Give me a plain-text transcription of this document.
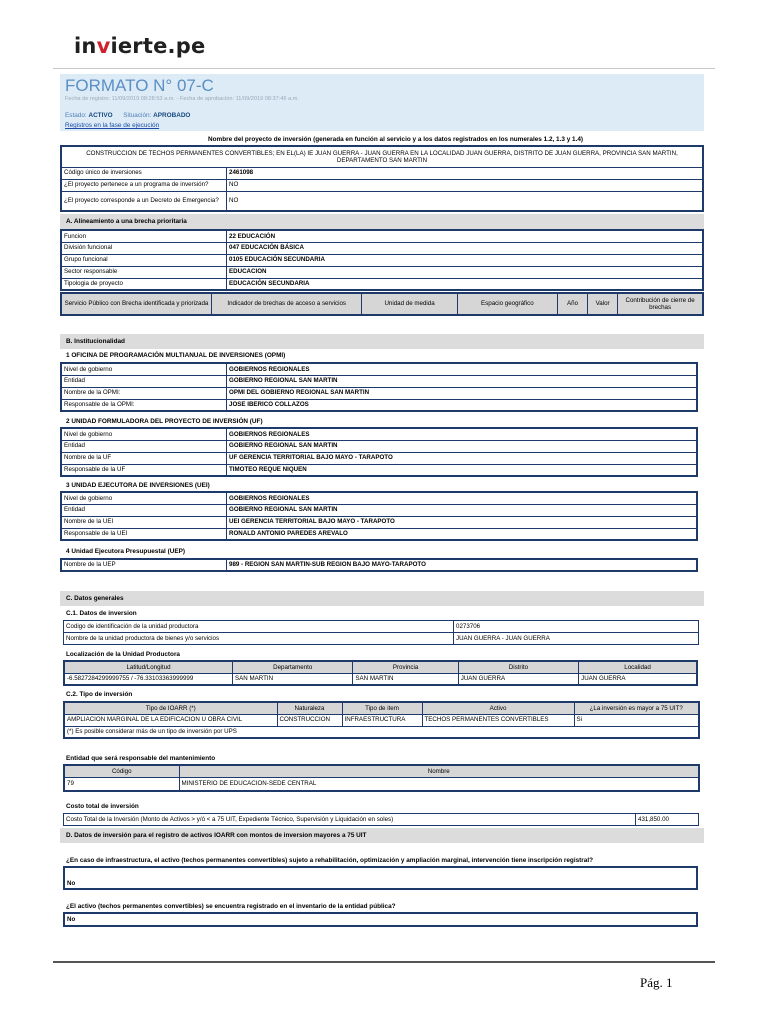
invierte.pe
FORMATO N° 07-C
Fecha de registro: 11/09/2019 08:28:53 a.m. - Fecha de aprobación: 11/09/2019 08:37:46 a.m.
Estado: ACTIVO Situación: APROBADO
Registros en la fase de ejecución
Nombre del proyecto de inversión (generada en función al servicio y a los datos registrados en los numerales 1.2, 1.3 y 1.4)
CONSTRUCCION DE TECHOS PERMANENTES CONVERTIBLES; EN EL(LA) IE JUAN GUERRA - JUAN GUERRA EN LA LOCALIDAD JUAN GUERRA, DISTRITO DE JUAN GUERRA, PROVINCIA SAN MARTIN, DEPARTAMENTO SAN MARTIN	
Código único de inversiones	2461098
¿El proyecto pertenece a un programa de inversión?	NO
¿El proyecto corresponde a un Decreto de Emergencia?	NO
A. Alineamiento a una brecha prioritaria
Funcion	22 EDUCACIÓN
División funcional	047 EDUCACIÓN BÁSICA
Grupo funcional	0105 EDUCACIÓN SECUNDARIA
Sector responsable	EDUCACION
Tipologia de proyecto	EDUCACIÓN SECUNDARIA
Servicio Público con Brecha identificada y priorizada	Indicador de brechas de acceso a servicios	Unidad de medida	Espacio geográfico	Año	Valor	Contribución de cierre de brechas
B. Institucionalidad
1 OFICINA DE PROGRAMACIÓN MULTIANUAL DE INVERSIONES (OPMI)
Nivel de gobierno	GOBIERNOS REGIONALES
Entidad	GOBIERNO REGIONAL SAN MARTIN
Nombre de la OPMI:	OPMI DEL GOBIERNO REGIONAL SAN MARTIN
Responsable de la OPMI:	JOSE IBERICO COLLAZOS
2 UNIDAD FORMULADORA DEL PROYECTO DE INVERSIÓN (UF)
Nivel de gobierno	GOBIERNOS REGIONALES
Entidad	GOBIERNO REGIONAL SAN MARTIN
Nombre de la UF	UF GERENCIA TERRITORIAL BAJO MAYO - TARAPOTO
Responsable de la UF	TIMOTEO REQUE NIQUEN
3 UNIDAD EJECUTORA DE INVERSIONES (UEI)
Nivel de gobierno	GOBIERNOS REGIONALES
Entidad	GOBIERNO REGIONAL SAN MARTIN
Nombre de la UEI	UEI GERENCIA TERRITORIAL BAJO MAYO - TARAPOTO
Responsable de la UEI	RONALD ANTONIO PAREDES AREVALO
4 Unidad Ejecutora Presupuestal (UEP)
Nombre de la UEP	989 - REGION SAN MARTIN-SUB REGION BAJO MAYO-TARAPOTO
C. Datos generales
C.1. Datos de inversion
Codigo de identificación de la unidad productora	0273706
Nombre de la unidad productora de bienes y/o servicios	JUAN GUERRA - JUAN GUERRA
Localización de la Unidad Productora
Latitud/Longitud	Departamento	Provincia	Distrito	Localidad
-6.5827284299999755 / -76.33103363999999	SAN MARTIN	SAN MARTIN	JUAN GUERRA	JUAN GUERRA
C.2. Tipo de inversión
Tipo de IOARR (*)	Naturaleza	Tipo de item	Activo	¿La inversión es mayor a 75 UIT?
AMPLIACION MARGINAL DE LA EDIFICACION U OBRA CIVIL	CONSTRUCCION	INFRAESTRUCTURA	TECHOS PERMANENTES CONVERTIBLES	Si
(*) Es posible considerar más de un tipo de inversión por UPS				
Entidad que será responsable del mantenimiento
Código	Nombre
79	MINISTERIO DE EDUCACION-SEDE CENTRAL
Costo total de inversión
Costo Total de la Inversión (Monto de Activos > y/ó < a 75 UIT, Expediente Técnico, Supervisión y Liquidación en soles)	431,850.00
D. Datos de inversión para el registro de activos IOARR con montos de inversion mayores a 75 UIT
¿En caso de infraestructura, el activo (techos permanentes convertibles) sujeto a rehabilitación, optimización y ampliación marginal, intervención tiene inscripción registral?
No
¿El activo (techos permanentes convertibles) se encuentra registrado en el inventario de la entidad pública?
No
Pág. 1
